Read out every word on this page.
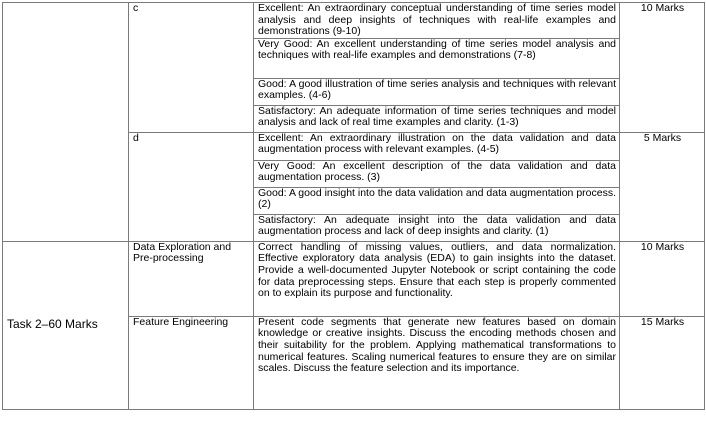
	c	Excellent: An extraordinary conceptual understanding of time series model analysis and deep insights of techniques with real-life examples and demonstrations (9-10)	10 Marks
		Very Good: An excellent understanding of time series model analysis and techniques with real-life examples and demonstrations (7-8)	
		Good: A good illustration of time series analysis and techniques with relevant examples. (4-6)	
		Satisfactory: An adequate information of time series techniques and model analysis and lack of real time examples and clarity. (1-3)	
	d	Excellent: An extraordinary illustration on the data validation and data augmentation process with relevant examples. (4-5)	5 Marks
		Very Good: An excellent description of the data validation and data augmentation process. (3)	
		Good: A good insight into the data validation and data augmentation process. (2)	
		Satisfactory: An adequate insight into the data validation and data augmentation process and lack of deep insights and clarity. (1)	
Task 2–60 Marks	Data Exploration and Pre-processing	Correct handling of missing values, outliers, and data normalization. Effective exploratory data analysis (EDA) to gain insights into the dataset. Provide a well-documented Jupyter Notebook or script containing the code for data preprocessing steps. Ensure that each step is properly commented on to explain its purpose and functionality.	10 Marks
	Feature Engineering	Present code segments that generate new features based on domain knowledge or creative insights. Discuss the encoding methods chosen and their suitability for the problem. Applying mathematical transformations to numerical features. Scaling numerical features to ensure they are on similar scales. Discuss the feature selection and its importance.	15 Marks
